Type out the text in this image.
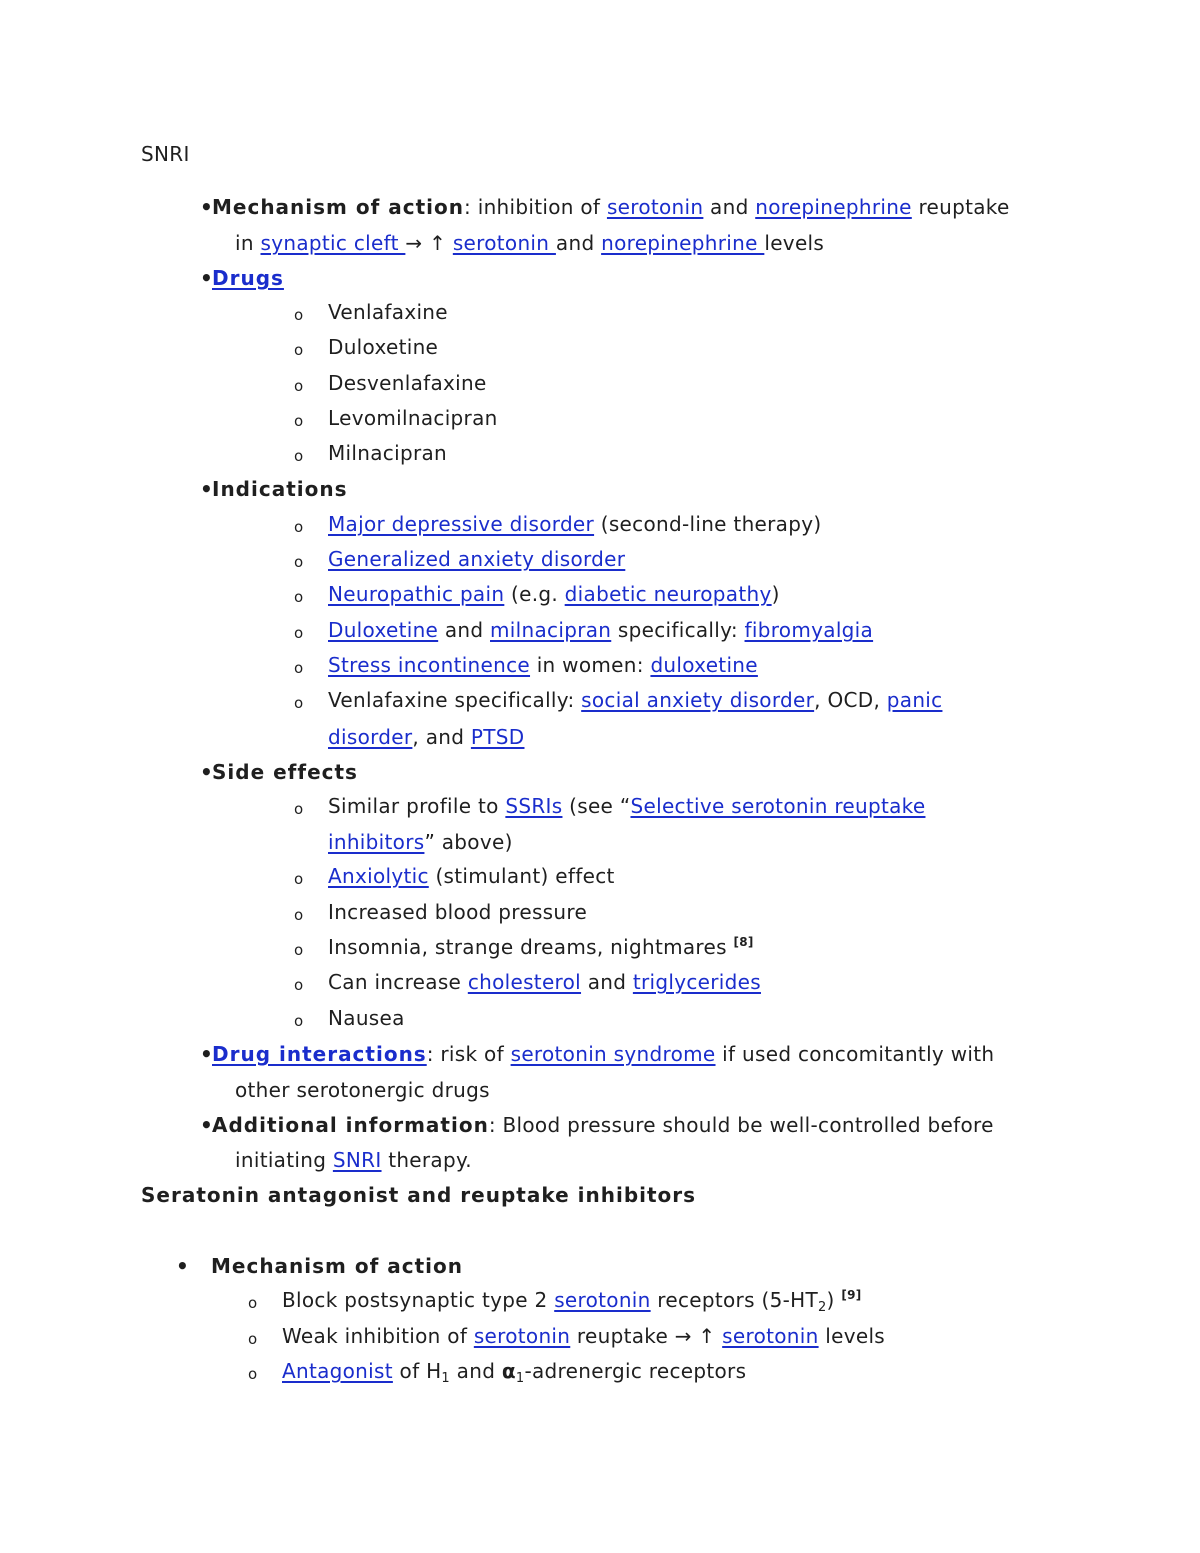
SNRI
•Mechanism of action: inhibition of serotonin and norepinephrine reuptake
in synaptic cleft → ↑ serotonin and norepinephrine levels
•Drugs
o Venlafaxine
o Duloxetine
o Desvenlafaxine
o Levomilnacipran
o Milnacipran
•Indications
o Major depressive disorder (second-line therapy)
o Generalized anxiety disorder
o Neuropathic pain (e.g. diabetic neuropathy)
o Duloxetine and milnacipran specifically: fibromyalgia
o Stress incontinence in women: duloxetine
o Venlafaxine specifically: social anxiety disorder, OCD, panic
disorder, and PTSD
•Side effects
o Similar profile to SSRIs (see “Selective serotonin reuptake
inhibitors” above)
o Anxiolytic (stimulant) effect
o Increased blood pressure
o Insomnia, strange dreams, nightmares [8]
o Can increase cholesterol and triglycerides
o Nausea
•Drug interactions: risk of serotonin syndrome if used concomitantly with
other serotonergic drugs
•Additional information: Blood pressure should be well-controlled before
initiating SNRI therapy.
Seratonin antagonist and reuptake inhibitors
• Mechanism of action
o Block postsynaptic type 2 serotonin receptors $(5-HT_2)$ [9]
o Weak inhibition of serotonin reuptake → ↑ serotonin levels
o Antagonist of $H_1$ and $\alpha_1$-adrenergic receptors
